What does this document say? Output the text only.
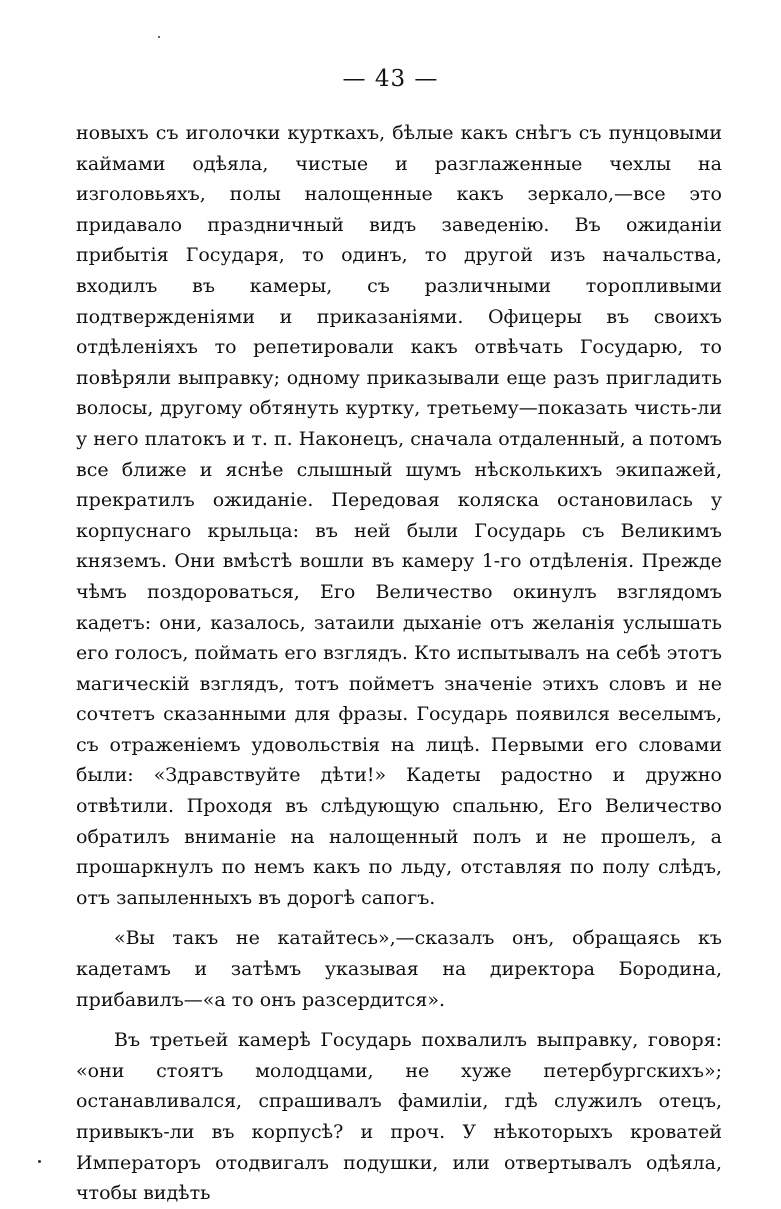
— 43 —

новыхъ съ иголочки курткахъ, бѣлые какъ снѣгъ съ пунцовыми каймами одѣяла, чистые и разглаженные чехлы на изголовьяхъ, полы налощенные какъ зеркало,—все это придавало праздничный видъ заведенію. Въ ожиданіи прибытія Государя, то одинъ, то другой изъ начальства, входилъ въ камеры, съ различными торопливыми подтвержденіями и приказаніями. Офицеры въ своихъ отдѣленіяхъ то репетировали какъ отвѣчать Государю, то повѣряли выправку; одному приказывали еще разъ пригладить волосы, другому обтянуть куртку, третьему—показать чисть-ли у него платокъ и т. п. Наконецъ, сначала отдаленный, а потомъ все ближе и яснѣе слышный шумъ нѣсколькихъ экипажей, прекратилъ ожиданіе. Передовая коляска остановилась у корпуснаго крыльца: въ ней были Государь съ Великимъ княземъ. Они вмѣстѣ вошли въ камеру 1-го отдѣленія. Прежде чѣмъ поздороваться, Его Величество окинулъ взглядомъ кадетъ: они, казалось, затаили дыханіе отъ желанія услышать его голосъ, поймать его взглядъ. Кто испытывалъ на себѣ этотъ магическій взглядъ, тотъ пойметъ значеніе этихъ словъ и не сочтетъ сказанными для фразы. Государь появился веселымъ, съ отраженіемъ удовольствія на лицѣ. Первыми его словами были: «Здравствуйте дѣти!» Кадеты радостно и дружно отвѣтили. Проходя въ слѣдующую спальню, Его Величество обратилъ вниманіе на налощенный полъ и не прошелъ, а прошаркнулъ по немъ какъ по льду, отставляя по полу слѣдъ, отъ запыленныхъ въ дорогѣ сапогъ.

«Вы такъ не катайтесь»,—сказалъ онъ, обращаясь къ кадетамъ и затѣмъ указывая на директора Бородина, прибавилъ—«а то онъ разсердится».

Въ третьей камерѣ Государь похвалилъ выправку, говоря: «они стоятъ молодцами, не хуже петербургскихъ»; останавливался, спрашивалъ фамиліи, гдѣ служилъ отецъ, привыкъ-ли въ корпусѣ? и проч. У нѣкоторыхъ кроватей Императоръ отодвигалъ подушки, или отвертывалъ одѣяла, чтобы видѣть
